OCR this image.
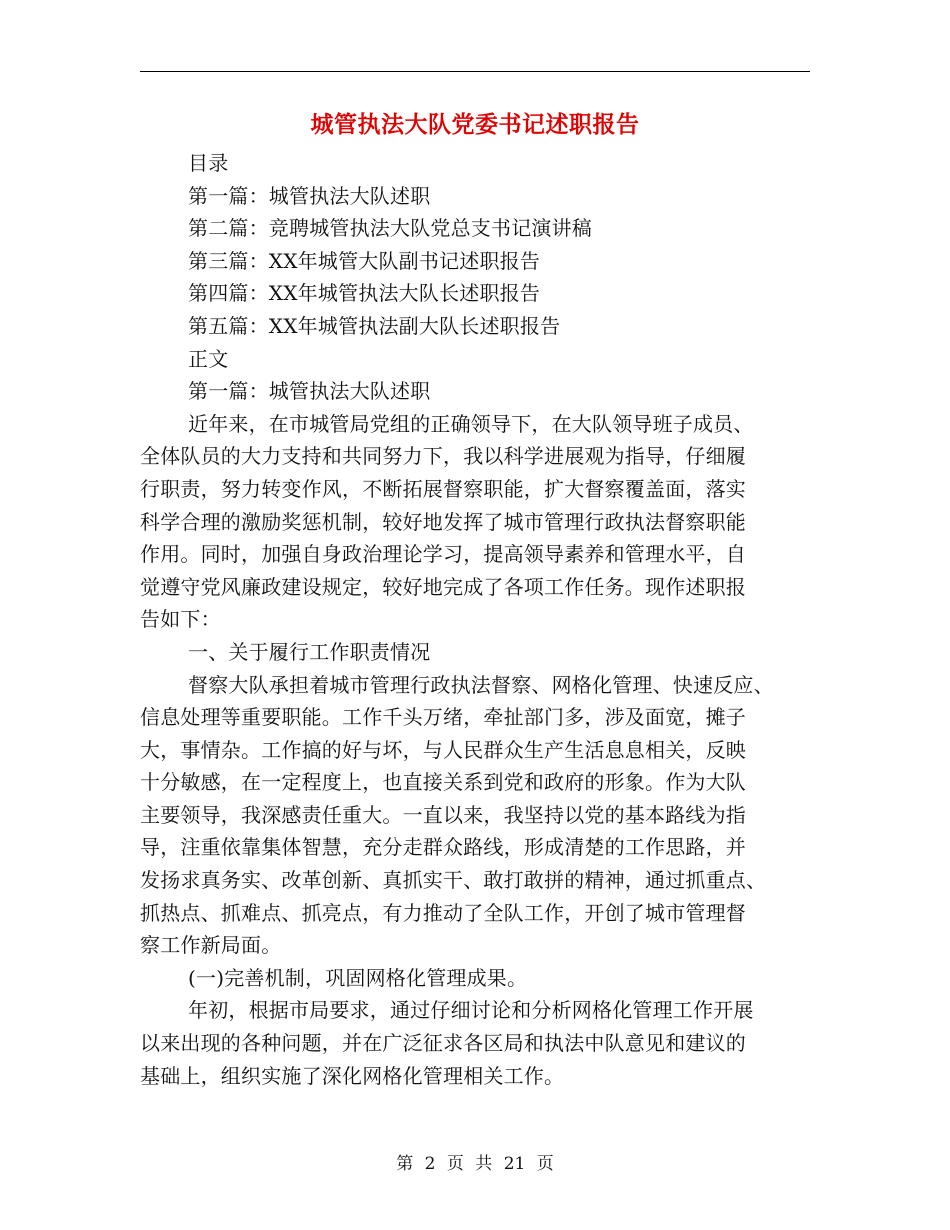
城管执法大队党委书记述职报告
目录
第一篇：城管执法大队述职
第二篇：竞聘城管执法大队党总支书记演讲稿
第三篇：XX年城管大队副书记述职报告
第四篇：XX年城管执法大队长述职报告
第五篇：XX年城管执法副大队长述职报告
正文
第一篇：城管执法大队述职
近年来，在市城管局党组的正确领导下，在大队领导班子成员、
全体队员的大力支持和共同努力下，我以科学进展观为指导，仔细履
行职责，努力转变作风，不断拓展督察职能，扩大督察覆盖面，落实
科学合理的激励奖惩机制，较好地发挥了城市管理行政执法督察职能
作用。同时，加强自身政治理论学习，提高领导素养和管理水平，自
觉遵守党风廉政建设规定，较好地完成了各项工作任务。现作述职报
告如下：
一、关于履行工作职责情况
督察大队承担着城市管理行政执法督察、网格化管理、快速反应、
信息处理等重要职能。工作千头万绪，牵扯部门多，涉及面宽，摊子
大，事情杂。工作搞的好与坏，与人民群众生产生活息息相关，反映
十分敏感，在一定程度上，也直接关系到党和政府的形象。作为大队
主要领导，我深感责任重大。一直以来，我坚持以党的基本路线为指
导，注重依靠集体智慧，充分走群众路线，形成清楚的工作思路，并
发扬求真务实、改革创新、真抓实干、敢打敢拼的精神，通过抓重点、
抓热点、抓难点、抓亮点，有力推动了全队工作，开创了城市管理督
察工作新局面。
(一)完善机制，巩固网格化管理成果。
年初，根据市局要求，通过仔细讨论和分析网格化管理工作开展
以来出现的各种问题，并在广泛征求各区局和执法中队意见和建议的
基础上，组织实施了深化网格化管理相关工作。
第 2 页 共 21 页
